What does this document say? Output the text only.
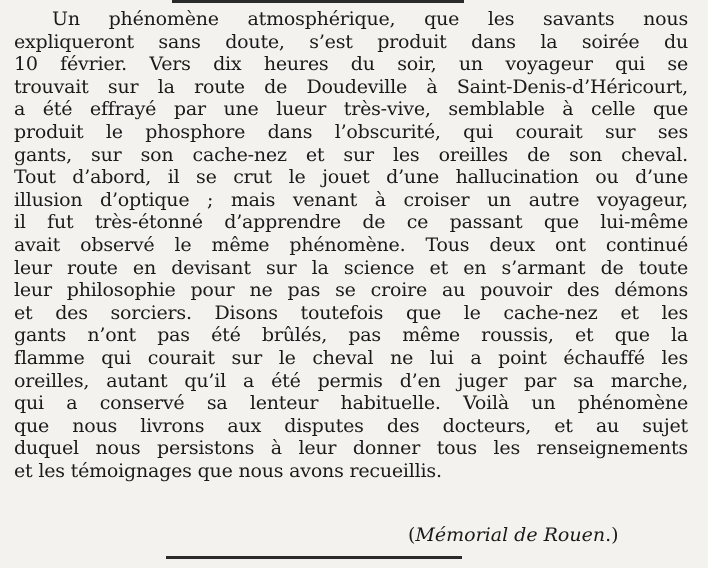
Un phénomène atmosphérique, que les savants nous
expliqueront sans doute, s’est produit dans la soirée du
10 février. Vers dix heures du soir, un voyageur qui se
trouvait sur la route de Doudeville à Saint-Denis-d’Héricourt,
a été effrayé par une lueur très-vive, semblable à celle que
produit le phosphore dans l’obscurité, qui courait sur ses
gants, sur son cache-nez et sur les oreilles de son cheval.
Tout d’abord, il se crut le jouet d’une hallucination ou d’une
illusion d’optique ; mais venant à croiser un autre voyageur,
il fut très-étonné d’apprendre de ce passant que lui-même
avait observé le même phénomène. Tous deux ont continué
leur route en devisant sur la science et en s’armant de toute
leur philosophie pour ne pas se croire au pouvoir des démons
et des sorciers. Disons toutefois que le cache-nez et les
gants n’ont pas été brûlés, pas même roussis, et que la
flamme qui courait sur le cheval ne lui a point échauffé les
oreilles, autant qu’il a été permis d’en juger par sa marche,
qui a conservé sa lenteur habituelle. Voilà un phénomène
que nous livrons aux disputes des docteurs, et au sujet
duquel nous persistons à leur donner tous les renseignements
et les témoignages que nous avons recueillis.
(Mémorial de Rouen.)
